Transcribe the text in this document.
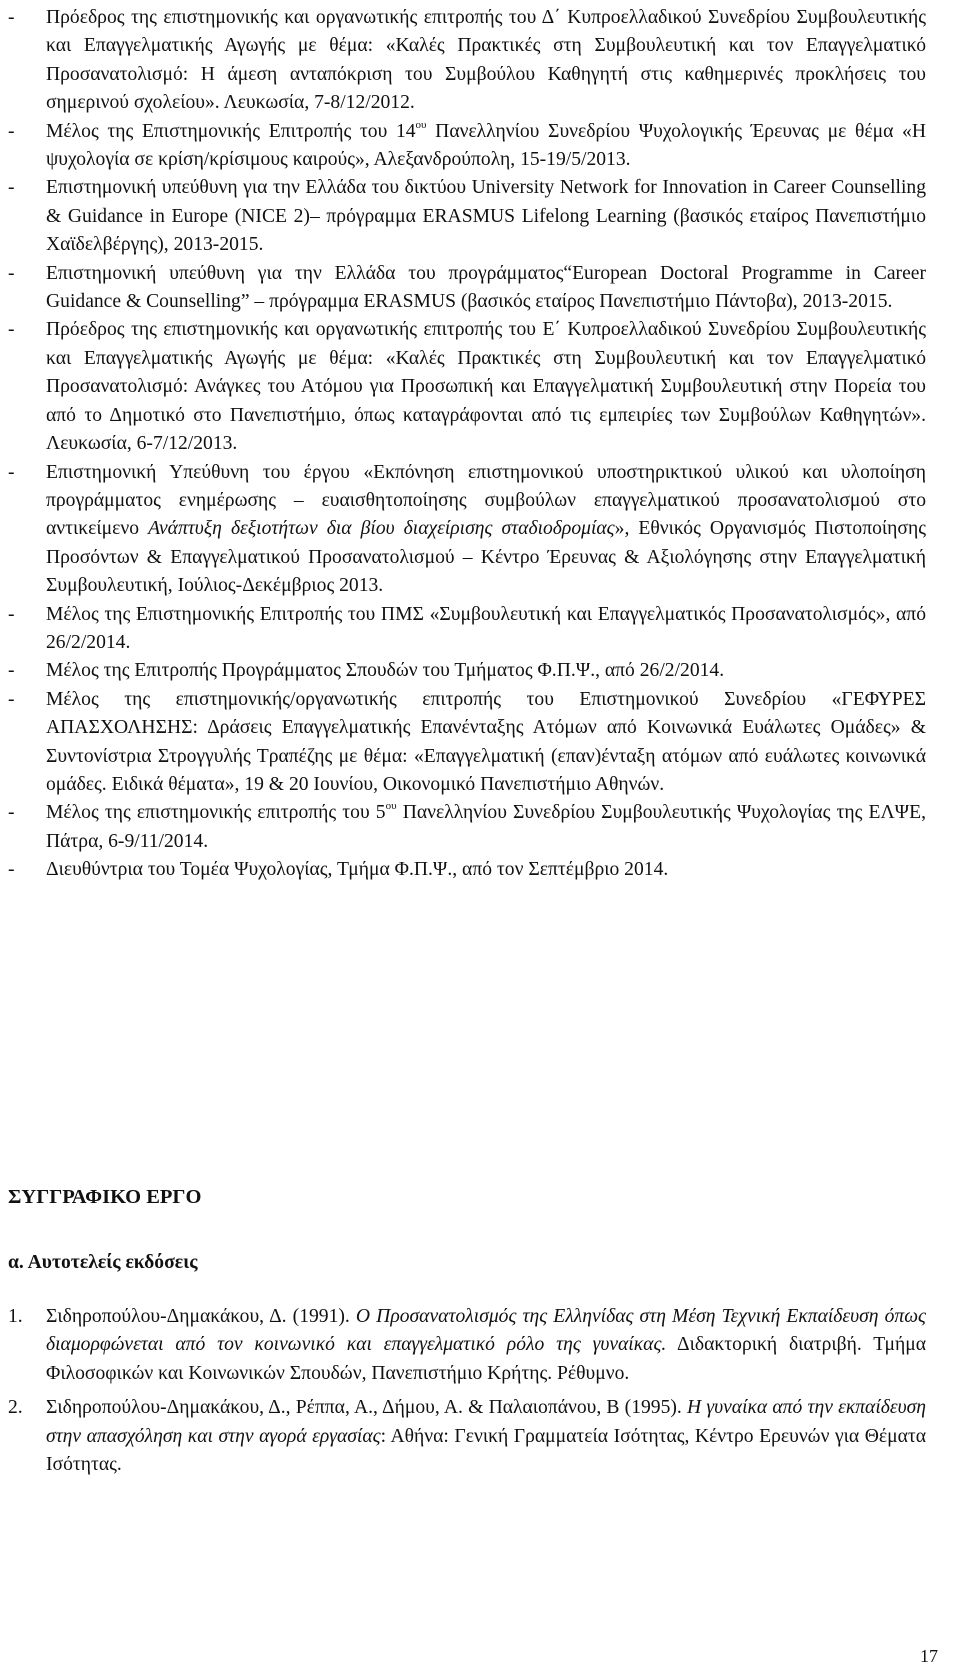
- Πρόεδρος της επιστημονικής και οργανωτικής επιτροπής του Δ΄ Κυπροελλαδικού Συνεδρίου Συμβουλευτικής και Επαγγελματικής Αγωγής με θέμα: «Καλές Πρακτικές στη Συμβουλευτική και τον Επαγγελματικό Προσανατολισμό: Η άμεση ανταπόκριση του Συμβούλου Καθηγητή στις καθημερινές προκλήσεις του σημερινού σχολείου». Λευκωσία, 7-8/12/2012.
- Μέλος της Επιστημονικής Επιτροπής του $14^{o\upsilon}$ Πανελληνίου Συνεδρίου Ψυχολογικής Έρευνας με θέμα «Η ψυχολογία σε κρίση/κρίσιμους καιρούς», Αλεξανδρούπολη, 15-19/5/2013.
- Επιστημονική υπεύθυνη για την Ελλάδα του δικτύου University Network for Innovation in Career Counselling & Guidance in Europe (NICE 2)– πρόγραμμα ERASMUS Lifelong Learning (βασικός εταίρος Πανεπιστήμιο Χαϊδελβέργης), 2013-2015.
- Επιστημονική υπεύθυνη για την Ελλάδα του προγράμματος“European Doctoral Programme in Career Guidance & Counselling” – πρόγραμμα ERASMUS (βασικός εταίρος Πανεπιστήμιο Πάντοβα), 2013-2015.
- Πρόεδρος της επιστημονικής και οργανωτικής επιτροπής του Ε΄ Κυπροελλαδικού Συνεδρίου Συμβουλευτικής και Επαγγελματικής Αγωγής με θέμα: «Καλές Πρακτικές στη Συμβουλευτική και τον Επαγγελματικό Προσανατολισμό: Ανάγκες του Ατόμου για Προσωπική και Επαγγελματική Συμβουλευτική στην Πορεία του από το Δημοτικό στο Πανεπιστήμιο, όπως καταγράφονται από τις εμπειρίες των Συμβούλων Καθηγητών». Λευκωσία, 6-7/12/2013.
- Επιστημονική Υπεύθυνη του έργου «Εκπόνηση επιστημονικού υποστηρικτικού υλικού και υλοποίηση προγράμματος ενημέρωσης – ευαισθητοποίησης συμβούλων επαγγελματικού προσανατολισμού στο αντικείμενο Ανάπτυξη δεξιοτήτων δια βίου διαχείρισης σταδιοδρομίας», Εθνικός Οργανισμός Πιστοποίησης Προσόντων & Επαγγελματικού Προσανατολισμού – Κέντρο Έρευνας & Αξιολόγησης στην Επαγγελματική Συμβουλευτική, Ιούλιος-Δεκέμβριος 2013.
- Μέλος της Επιστημονικής Επιτροπής του ΠΜΣ «Συμβουλευτική και Επαγγελματικός Προσανατολισμός», από 26/2/2014.
- Μέλος της Επιτροπής Προγράμματος Σπουδών του Τμήματος Φ.Π.Ψ., από 26/2/2014.
- Μέλος της επιστημονικής/οργανωτικής επιτροπής του Επιστημονικού Συνεδρίου «ΓΕΦΥΡΕΣ ΑΠΑΣΧΟΛΗΣΗΣ: Δράσεις Επαγγελματικής Επανένταξης Ατόμων από Κοινωνικά Ευάλωτες Ομάδες» & Συντονίστρια Στρογγυλής Τραπέζης με θέμα: «Επαγγελματική (επαν)ένταξη ατόμων από ευάλωτες κοινωνικά ομάδες. Ειδικά θέματα», 19 & 20 Ιουνίου, Οικονομικό Πανεπιστήμιο Αθηνών.
- Μέλος της επιστημονικής επιτροπής του $5^{o\upsilon}$ Πανελληνίου Συνεδρίου Συμβουλευτικής Ψυχολογίας της ΕΛΨΕ, Πάτρα, 6-9/11/2014.
- Διευθύντρια του Τομέα Ψυχολογίας, Τμήμα Φ.Π.Ψ., από τον Σεπτέμβριο 2014.
ΣΥΓΓΡΑΦΙΚΟ ΕΡΓΟ
α. Αυτοτελείς εκδόσεις
1. Σιδηροπούλου-Δημακάκου, Δ. (1991). Ο Προσανατολισμός της Ελληνίδας στη Μέση Τεχνική Εκπαίδευση όπως διαμορφώνεται από τον κοινωνικό και επαγγελματικό ρόλο της γυναίκας. Διδακτορική διατριβή. Τμήμα Φιλοσοφικών και Κοινωνικών Σπουδών, Πανεπιστήμιο Κρήτης. Ρέθυμνο.
2. Σιδηροπούλου-Δημακάκου, Δ., Ρέππα, Α., Δήμου, Α. & Παλαιοπάνου, Β (1995). Η γυναίκα από την εκπαίδευση στην απασχόληση και στην αγορά εργασίας: Αθήνα: Γενική Γραμματεία Ισότητας, Κέντρο Ερευνών για Θέματα Ισότητας.
17
